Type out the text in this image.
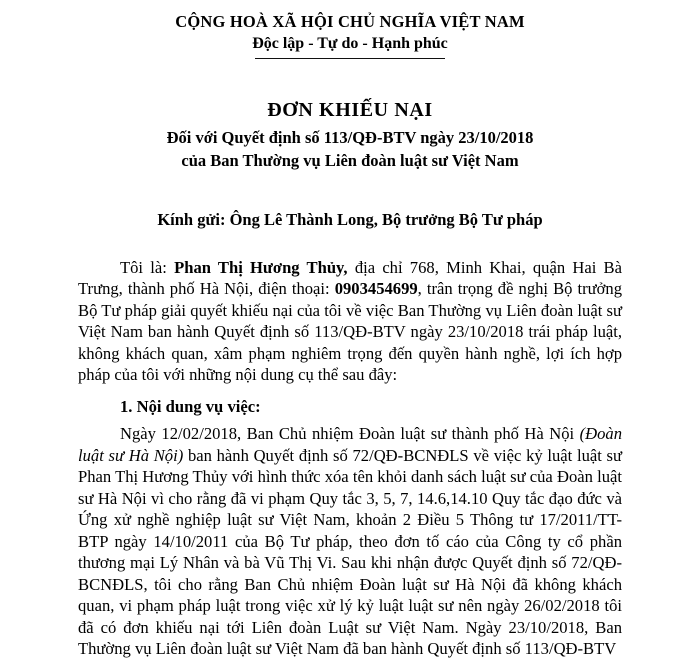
CỘNG HOÀ XÃ HỘI CHỦ NGHĨA VIỆT NAM
Độc lập - Tự do - Hạnh phúc
ĐƠN KHIẾU NẠI
Đối với Quyết định số 113/QĐ-BTV ngày 23/10/2018
của Ban Thường vụ Liên đoàn luật sư Việt Nam
Kính gửi: Ông Lê Thành Long, Bộ trưởng Bộ Tư pháp

Tôi là: Phan Thị Hương Thủy, địa chỉ 768, Minh Khai, quận Hai Bà Trưng, thành phố Hà Nội, điện thoại: 0903454699, trân trọng đề nghị Bộ trưởng Bộ Tư pháp giải quyết khiếu nại của tôi về việc Ban Thường vụ Liên đoàn luật sư Việt Nam ban hành Quyết định số 113/QĐ-BTV ngày 23/10/2018 trái pháp luật, không khách quan, xâm phạm nghiêm trọng đến quyền hành nghề, lợi ích hợp pháp của tôi với những nội dung cụ thể sau đây:

1. Nội dung vụ việc:

Ngày 12/02/2018, Ban Chủ nhiệm Đoàn luật sư thành phố Hà Nội (Đoàn luật sư Hà Nội) ban hành Quyết định số 72/QĐ-BCNĐLS về việc kỷ luật luật sư Phan Thị Hương Thủy với hình thức xóa tên khỏi danh sách luật sư của Đoàn luật sư Hà Nội vì cho rằng đã vi phạm Quy tắc 3, 5, 7, 14.6,14.10 Quy tắc đạo đức và Ứng xử nghề nghiệp luật sư Việt Nam, khoản 2 Điều 5 Thông tư 17/2011/TT-BTP ngày 14/10/2011 của Bộ Tư pháp, theo đơn tố cáo của Công ty cổ phần thương mại Lý Nhân và bà Vũ Thị Vi. Sau khi nhận được Quyết định số 72/QĐ-BCNĐLS, tôi cho rằng Ban Chủ nhiệm Đoàn luật sư Hà Nội đã không khách quan, vi phạm pháp luật trong việc xử lý kỷ luật luật sư nên ngày 26/02/2018 tôi đã có đơn khiếu nại tới Liên đoàn Luật sư Việt Nam. Ngày 23/10/2018, Ban Thường vụ Liên đoàn luật sư Việt Nam đã ban hành Quyết định số 113/QĐ-BTV
